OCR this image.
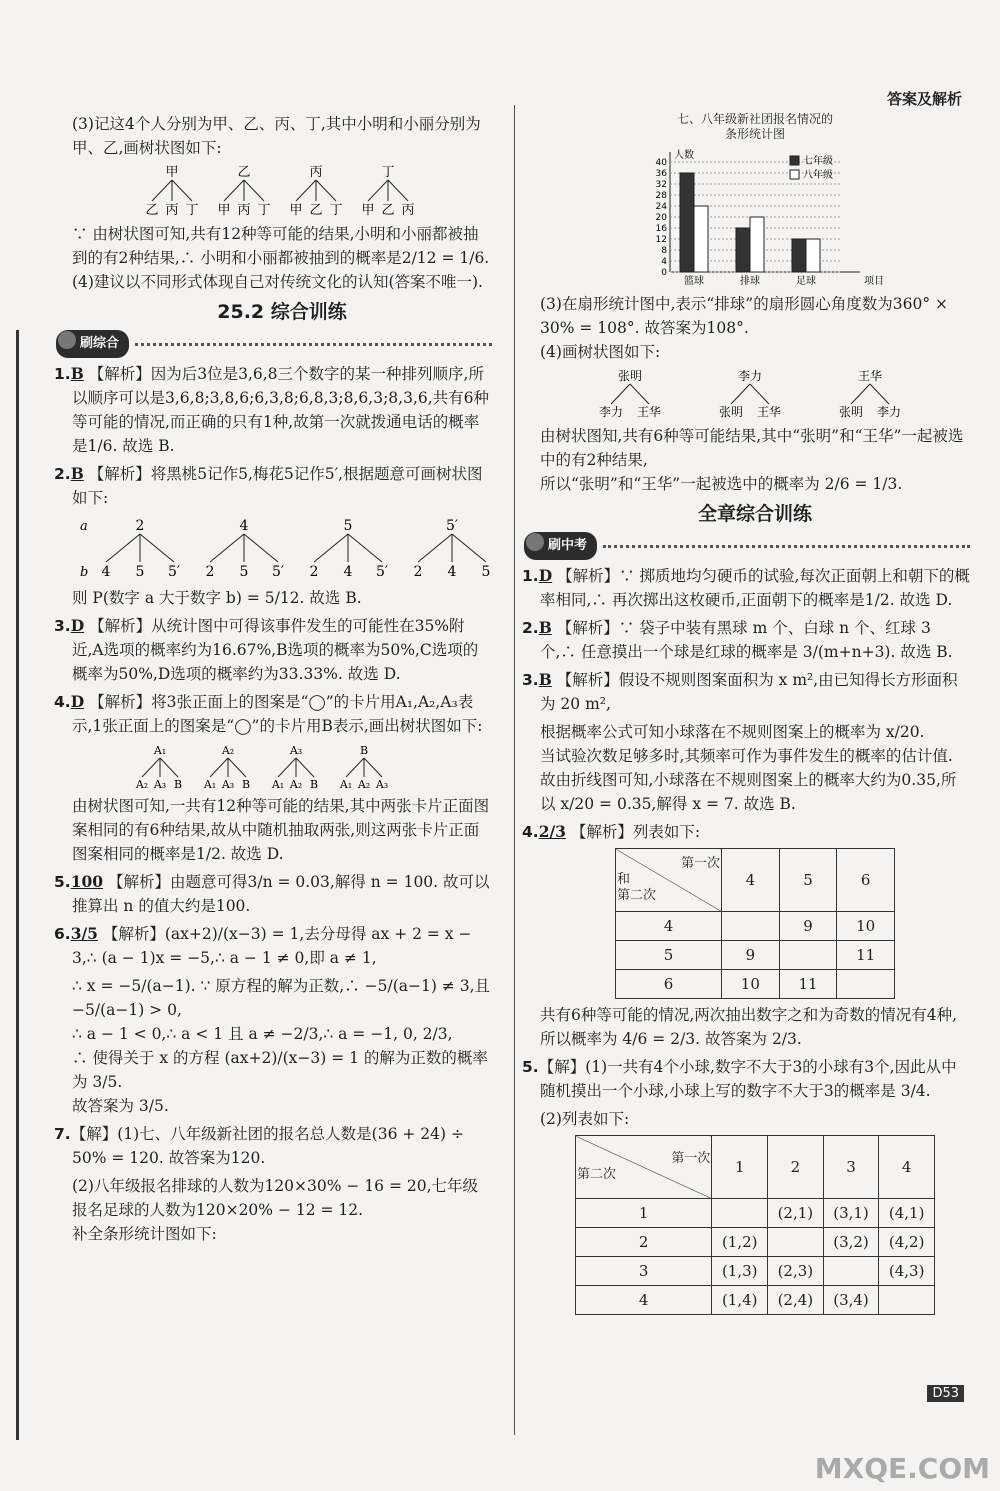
答案及解析

(3)记这4个人分别为甲、乙、丙、丁,其中小明和小丽分别为甲、乙,画树状图如下:

甲
乙 丙 丁
乙
甲 丙 丁
丙
甲 乙 丁
丁
甲 乙 丙

∵ 由树状图可知,共有12种等可能的结果,小明和小丽都被抽到的有2种结果,∴ 小明和小丽都被抽到的概率是2/12 = 1/6.

(4)建议以不同形式体现自己对传统文化的认知(答案不唯一).

25.2 综合训练
刷综合
1.B 【解析】因为后3位是3,6,8三个数字的某一种排列顺序,所以顺序可以是3,6,8;3,8,6;6,3,8;6,8,3;8,6,3;8,3,6,共有6种等可能的情况,而正确的只有1种,故第一次就拨通电话的概率是1/6. 故选 B.
2.B 【解析】将黑桃5记作5,梅花5记作5′,根据题意可画树状图如下:
a
b
2
4 5 5′
4
2 5 5′
5
2 4 5′
5′
2 4 5

则 P(数字 a 大于数字 b) = 5/12. 故选 B.

3.D 【解析】从统计图中可得该事件发生的可能性在35%附近,A选项的概率约为16.67%,B选项的概率为50%,C选项的概率为50%,D选项的概率约为33.33%. 故选 D.
4.D 【解析】将3张正面上的图案是“◯”的卡片用A₁,A₂,A₃表示,1张正面上的图案是“◯”的卡片用B表示,画出树状图如下:
A₁
A₂ A₃ B
A₂
A₁ A₃ B
A₃
A₁ A₂ B
B
A₁ A₂ A₃

由树状图可知,一共有12种等可能的结果,其中两张卡片正面图案相同的有6种结果,故从中随机抽取两张,则这两张卡片正面图案相同的概率是1/2. 故选 D.

5.100 【解析】由题意可得3/n = 0.03,解得 n = 100. 故可以推算出 n 的值大约是100.
6.3/5 【解析】(ax+2)/(x−3) = 1,去分母得 ax + 2 = x − 3,∴ (a − 1)x = −5,∴ a − 1 ≠ 0,即 a ≠ 1,

∴ x = −5/(a−1). ∵ 原方程的解为正数,∴ −5/(a−1) ≠ 3,且 −5/(a−1) > 0,

∴ a − 1 < 0,∴ a < 1 且 a ≠ −2/3,∴ a = −1, 0, 2/3,

∴ 使得关于 x 的方程 (ax+2)/(x−3) = 1 的解为正数的概率为 3/5.

故答案为 3/5.

7.【解】(1)七、八年级新社团的报名总人数是(36 + 24) ÷ 50% = 120. 故答案为120.

(2)八年级报名排球的人数为120×30% − 16 = 20,七年级报名足球的人数为120×20% − 12 = 12.

补全条形统计图如下:

七、八年级新社团报名情况的
条形统计图
0
4
8
12
16
20
24
28
32
36
40
人数
项目
篮球	排球	足球
七年级
八年级

(3)在扇形统计图中,表示“排球”的扇形圆心角度数为360° × 30% = 108°. 故答案为108°.

(4)画树状图如下:

张明
李力 王华
李力
张明 王华
王华
张明 李力

由树状图知,共有6种等可能结果,其中“张明”和“王华”一起被选中的有2种结果,

所以“张明”和“王华”一起被选中的概率为 2/6 = 1/3.

全章综合训练
刷中考
1.D 【解析】∵ 掷质地均匀硬币的试验,每次正面朝上和朝下的概率相同,∴ 再次掷出这枚硬币,正面朝下的概率是1/2. 故选 D.
2.B 【解析】∵ 袋子中装有黑球 m 个、白球 n 个、红球 3 个,∴ 任意摸出一个球是红球的概率是 3/(m+n+3). 故选 B.
3.B 【解析】假设不规则图案面积为 x m²,由已知得长方形面积为 20 m²,

根据概率公式可知小球落在不规则图案上的概率为 x/20.

当试验次数足够多时,其频率可作为事件发生的概率的估计值. 故由折线图可知,小球落在不规则图案上的概率大约为0.35,所以 x/20 = 0.35,解得 x = 7. 故选 B.

4.2/3 【解析】列表如下:
第一次
和
第二次	4	5	6
4		9	10
5	9		11
6	10	11	

共有6种等可能的情况,两次抽出数字之和为奇数的情况有4种,所以概率为 4/6 = 2/3. 故答案为 2/3.

5.【解】(1)一共有4个小球,数字不大于3的小球有3个,因此从中随机摸出一个小球,小球上写的数字不大于3的概率是 3/4.

(2)列表如下:

第一次
第二次	1	2	3	4
1		(2,1)	(3,1)	(4,1)
2	(1,2)		(3,2)	(4,2)
3	(1,3)	(2,3)		(4,3)
4	(1,4)	(2,4)	(3,4)	
D53
MXQE.COM
